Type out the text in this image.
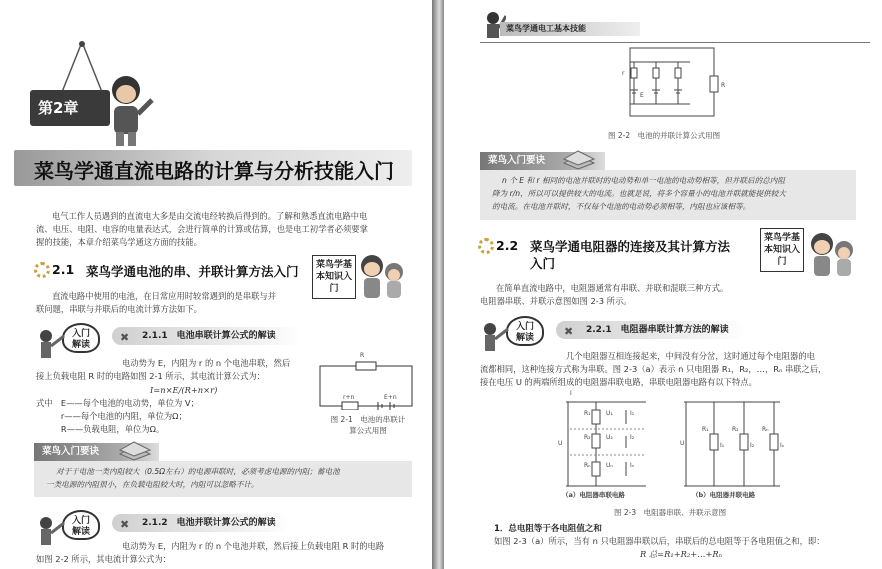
第2章
菜鸟学通直流电路的计算与分析技能入门
电气工作人员遇到的直流电大多是由交流电经转换后得到的。了解和熟悉直流电路中电
流、电压、电阻、电容的电量表达式，会进行简单的计算或估算，也是电工初学者必须要掌
握的技能，本章介绍菜鸟学通这方面的技能。
2.1 菜鸟学通电池的串、并联计算方法入门	菜鸟学基本知识入门
直流电路中使用的电池，在日常应用时较常遇到的是串联与并
联问题，串联与并联后的电流计算方法如下。
入门解读
✖ 2.1.1　电池串联计算公式的解读
电动势为 E，内阻为 r 的 n 个电池串联，然后
接上负载电阻 R 时的电路如图 2-1 所示，其电流计算公式为：
I=n×E/(R+n×r)
式中　E——每个电池的电动势，单位为 V；
　　　r——每个电池的内阻，单位为Ω；
　　　R——负载电阻，单位为Ω。
R
r+n	E+n
图 2-1　电池的串联计
算公式用图
菜鸟入门要诀
对于干电池一类内阻较大（0.5Ω左右）的电源串联时，必须考虑电源的内阻；蓄电池
一类电源的内阻很小，在负载电阻较大时，内阻可以忽略不计。
入门解读
✖ 2.1.2　电池并联计算公式的解读
电动势为 E，内阻为 r 的 n 个电池并联，然后接上负载电阻 R 时的电路
如图 2-2 所示，其电流计算公式为：
菜鸟学通电工基本技能
r
E
R
图 2-2　电池的并联计算公式用图
菜鸟入门要诀
n 个 E 和 r 相同的电池并联时的电动势和单一电池的电动势相等，但并联后的总内阻
降为 r/n，所以可以提供较大的电流。也就是说，将多个容量小的电池并联就能提供较大
的电流。在电池并联时，不仅每个电池的电动势必须相等，内阻也应该相等。
2.2 菜鸟学通电阻器的连接及其计算方法
入门
菜鸟学基本知识入门
在简单直流电路中，电阻器通常有串联、并联和混联三种方式。
电阻器串联、并联示意图如图 2-3 所示。
入门解读	✖ 2.2.1　电阻器串联计算方法的解读
几个电阻器互相连接起来，中间没有分岔，这时通过每个电阻器的电
流都相同，这种连接方式称为串联。图 2-3（a）表示 n 只电阻器 R₁，R₂，…，Rₙ 串联之后，
接在电压 U 的两端所组成的电阻器串联电路，串联电阻器电路有以下特点。
I
U
R₁
R₂
Rₙ
U₁
U₂
Uₙ
I₁
I₂
Iₙ
U
R₁	R₂	Rₙ
I₁	I₂	Iₙ
（a）电阻器串联电路	（b）电阻器并联电路
图 2-3　电阻器串联、并联示意图
1．总电阻等于各电阻值之和
如图 2-3（a）所示，当有 n 只电阻器串联以后，串联后的总电阻等于各电阻值之和，即：
R 总=R₁+R₂+…+Rₙ
